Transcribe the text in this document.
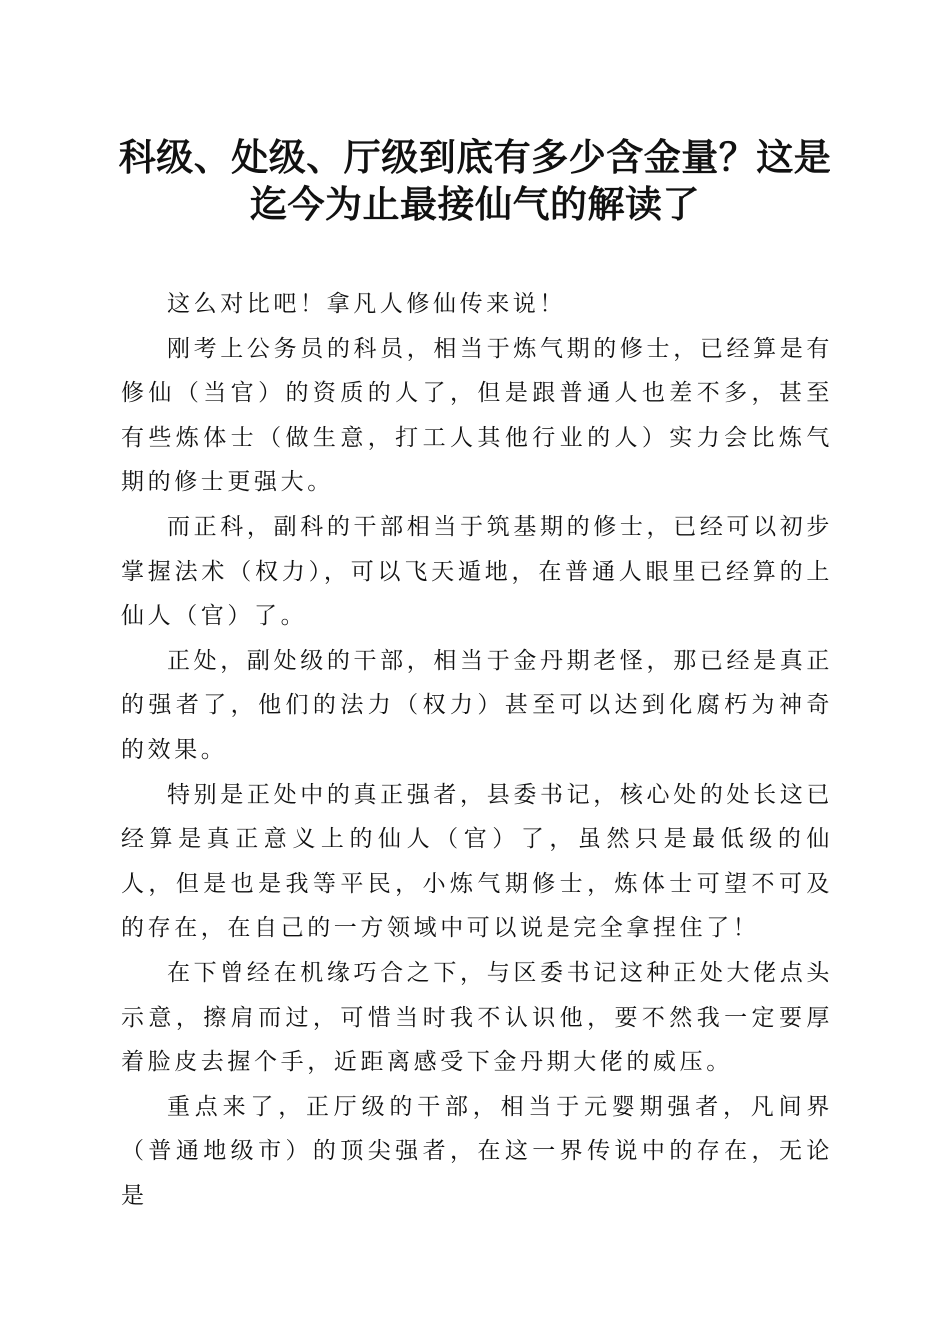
科级、处级、厅级到底有多少含金量？这是迄今为止最接仙气的解读了

这么对比吧！拿凡人修仙传来说！

刚考上公务员的科员，相当于炼气期的修士，已经算是有修仙（当官）的资质的人了，但是跟普通人也差不多，甚至有些炼体士（做生意，打工人其他行业的人）实力会比炼气期的修士更强大。

而正科，副科的干部相当于筑基期的修士，已经可以初步掌握法术（权力），可以飞天遁地，在普通人眼里已经算的上仙人（官）了。

正处，副处级的干部，相当于金丹期老怪，那已经是真正的强者了，他们的法力（权力）甚至可以达到化腐朽为神奇的效果。

特别是正处中的真正强者，县委书记，核心处的处长这已经算是真正意义上的仙人（官）了，虽然只是最低级的仙人，但是也是我等平民，小炼气期修士，炼体士可望不可及的存在，在自己的一方领域中可以说是完全拿捏住了！

在下曾经在机缘巧合之下，与区委书记这种正处大佬点头示意，擦肩而过，可惜当时我不认识他，要不然我一定要厚着脸皮去握个手，近距离感受下金丹期大佬的威压。

重点来了，正厅级的干部，相当于元婴期强者，凡间界（普通地级市）的顶尖强者，在这一界传说中的存在，无论是
